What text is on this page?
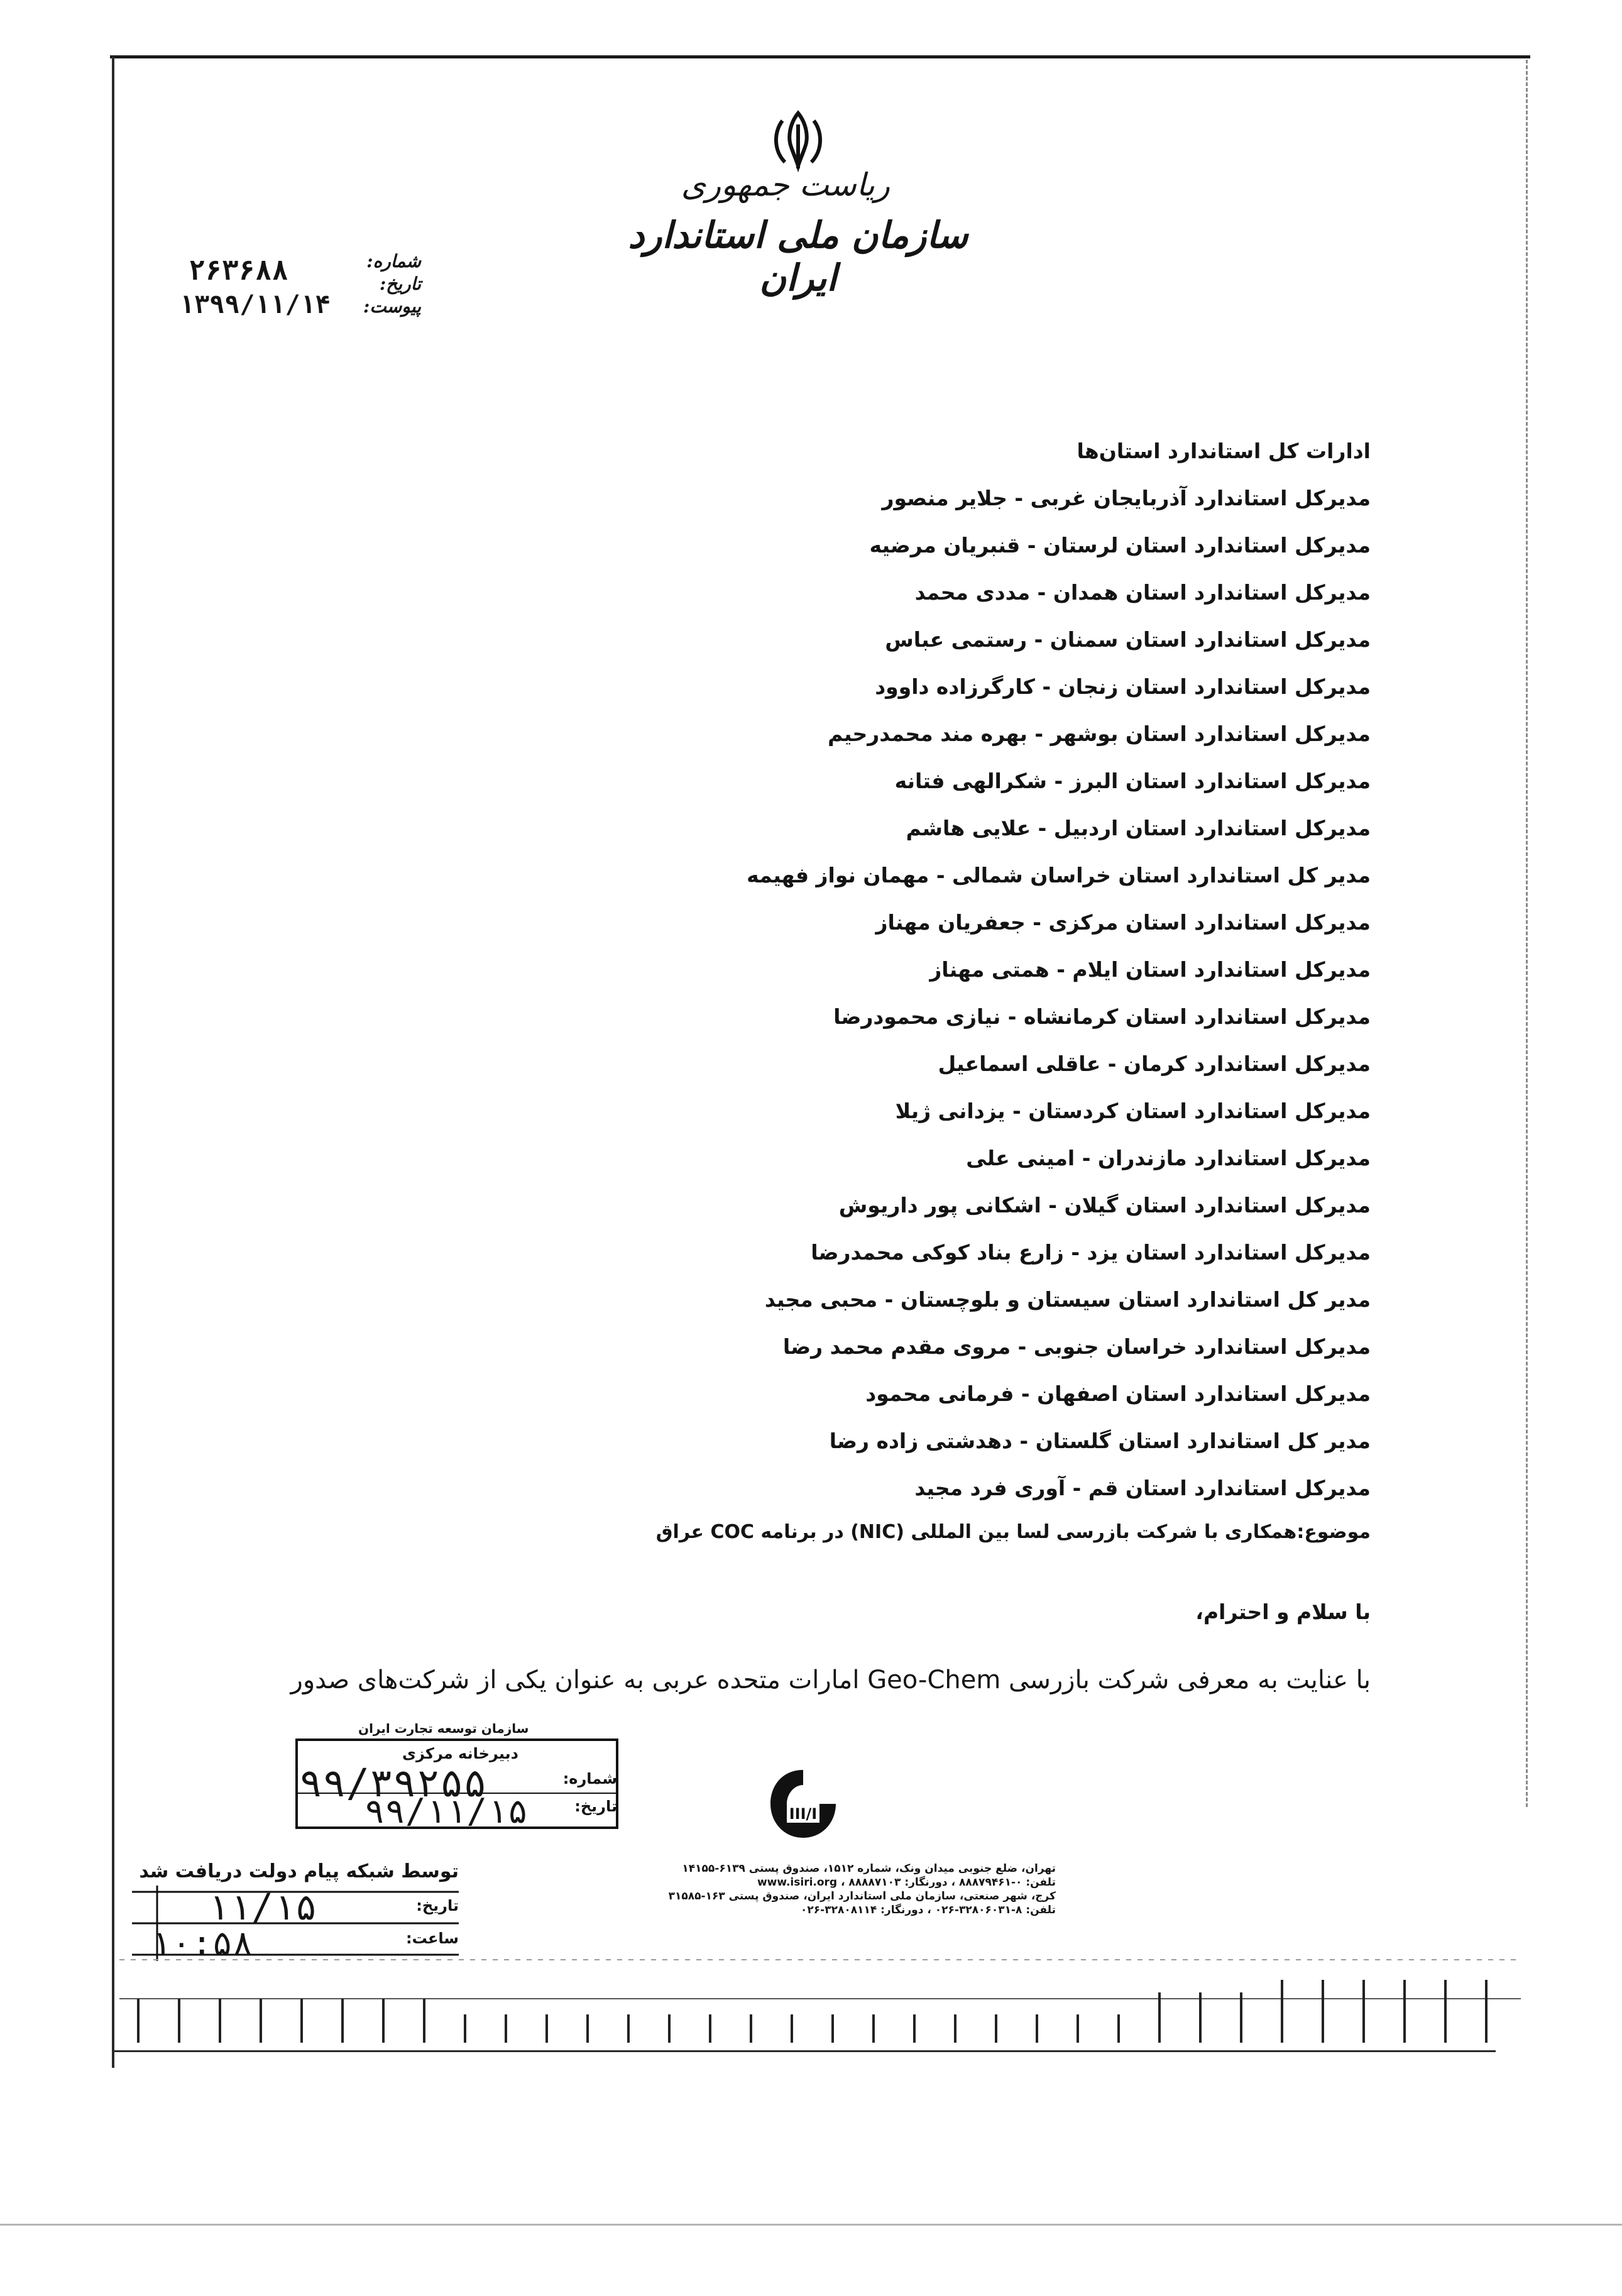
ریاست جمهوری
سازمان ملی استاندارد ایران
۲۶۳۶۸۸
۱۳۹۹/۱۱/۱۴
شماره:
تاریخ:
پیوست:
ادارات کل استاندارد استان‌ها
مدیرکل استاندارد آذربایجان غربی - جلایر منصور
مدیرکل استاندارد استان لرستان - قنبریان مرضیه
مدیرکل استاندارد استان همدان - مددی محمد
مدیرکل استاندارد استان سمنان - رستمی عباس
مدیرکل استاندارد استان زنجان - کارگرزاده داوود
مدیرکل استاندارد استان بوشهر - بهره مند محمدرحیم
مدیرکل استاندارد استان البرز - شکرالهی فتانه
مدیرکل استاندارد استان اردبیل - علایی هاشم
مدیر کل استاندارد استان خراسان شمالی - مهمان نواز فهیمه
مدیرکل استاندارد استان مرکزی - جعفریان مهناز
مدیرکل استاندارد استان ایلام - همتی مهناز
مدیرکل استاندارد استان کرمانشاه - نیازی محمودرضا
مدیرکل استاندارد کرمان - عاقلی اسماعیل
مدیرکل استاندارد استان کردستان - یزدانی ژیلا
مدیرکل استاندارد مازندران - امینی علی
مدیرکل استاندارد استان گیلان - اشکانی پور داریوش
مدیرکل استاندارد استان یزد - زارع بناد کوکی محمدرضا
مدیر کل استاندارد استان سیستان و بلوچستان - محبی مجید
مدیرکل استاندارد خراسان جنوبی - مروی مقدم محمد رضا
مدیرکل استاندارد استان اصفهان - فرمانی محمود
مدیر کل استاندارد استان گلستان - دهدشتی زاده رضا
مدیرکل استاندارد استان قم - آوری فرد مجید
موضوع:همکاری با شرکت بازرسی لسا بین المللی (NIC) در برنامه COC عراق
با سلام و احترام،
با عنایت به معرفی شرکت بازرسی Geo-Chem امارات متحده عربی به عنوان یکی از شرکت‌های صدور
سازمان توسعه تجارت ایران
دبیرخانه مرکزی
شماره:
تاریخ:
۹۹/۳۹۲۵۵
۹۹/۱۱/۱۵	III/I
تهران، ضلع جنوبی میدان ونک، شماره ۱۵۱۲، صندوق پستی ۶۱۳۹-۱۴۱۵۵
تلفن: ۰-۸۸۸۷۹۴۶۱ ، دورنگار: ۸۸۸۸۷۱۰۳ ، www.isiri.org
کرج، شهر صنعتی، سازمان ملی استاندارد ایران، صندوق پستی ۱۶۳-۳۱۵۸۵
تلفن: ۸-۳۲۸۰۶۰۳۱-۰۲۶ ، دورنگار: ۳۲۸۰۸۱۱۴-۰۲۶
توسط شبکه پیام دولت دریافت شد
تاریخ:
ساعت:
۱۱/۱۵
۱۰:۵۸
